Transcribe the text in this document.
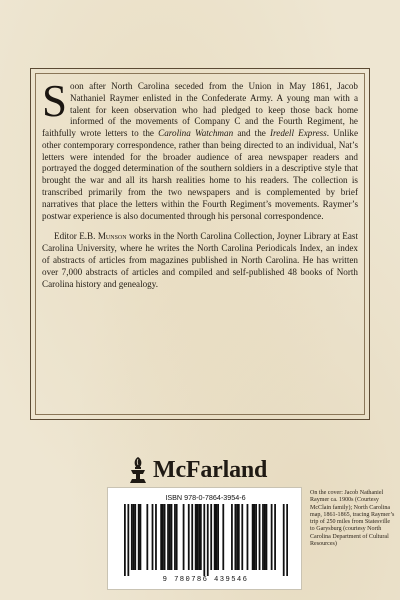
Soon after North Carolina seceded from the Union in May 1861, Jacob Nathaniel Raymer enlisted in the Confederate Army. A young man with a talent for keen observation who had pledged to keep those back home informed of the movements of Company C and the Fourth Regiment, he faithfully wrote letters to the Carolina Watchman and the Iredell Express. Unlike other contemporary correspondence, rather than being directed to an individual, Nat’s letters were intended for the broader audience of area newspaper readers and portrayed the dogged determination of the southern soldiers in a descriptive style that brought the war and all its harsh realities home to his readers. The collection is transcribed primarily from the two newspapers and is complemented by brief narratives that place the letters within the Fourth Regiment’s movements. Raymer’s postwar experience is also documented through his personal correspondence.

Editor E.B. Munson works in the North Carolina Collection, Joyner Library at East Carolina University, where he writes the North Carolina Periodicals Index, an index of abstracts of articles from magazines published in North Carolina. He has written over 7,000 abstracts of articles and compiled and self-published 48 books of North Carolina history and genealogy.

McFarland
ISBN 978-0-7864-3954-6
9 780786 439546
On the cover: Jacob Nathaniel Raymer ca. 1900s (Courtesy McClain family); North Carolina map, 1861-1865, tracing Raymer’s trip of 250 miles from Statesville to Garysburg (courtesy North Carolina Department of Cultural Resources)
